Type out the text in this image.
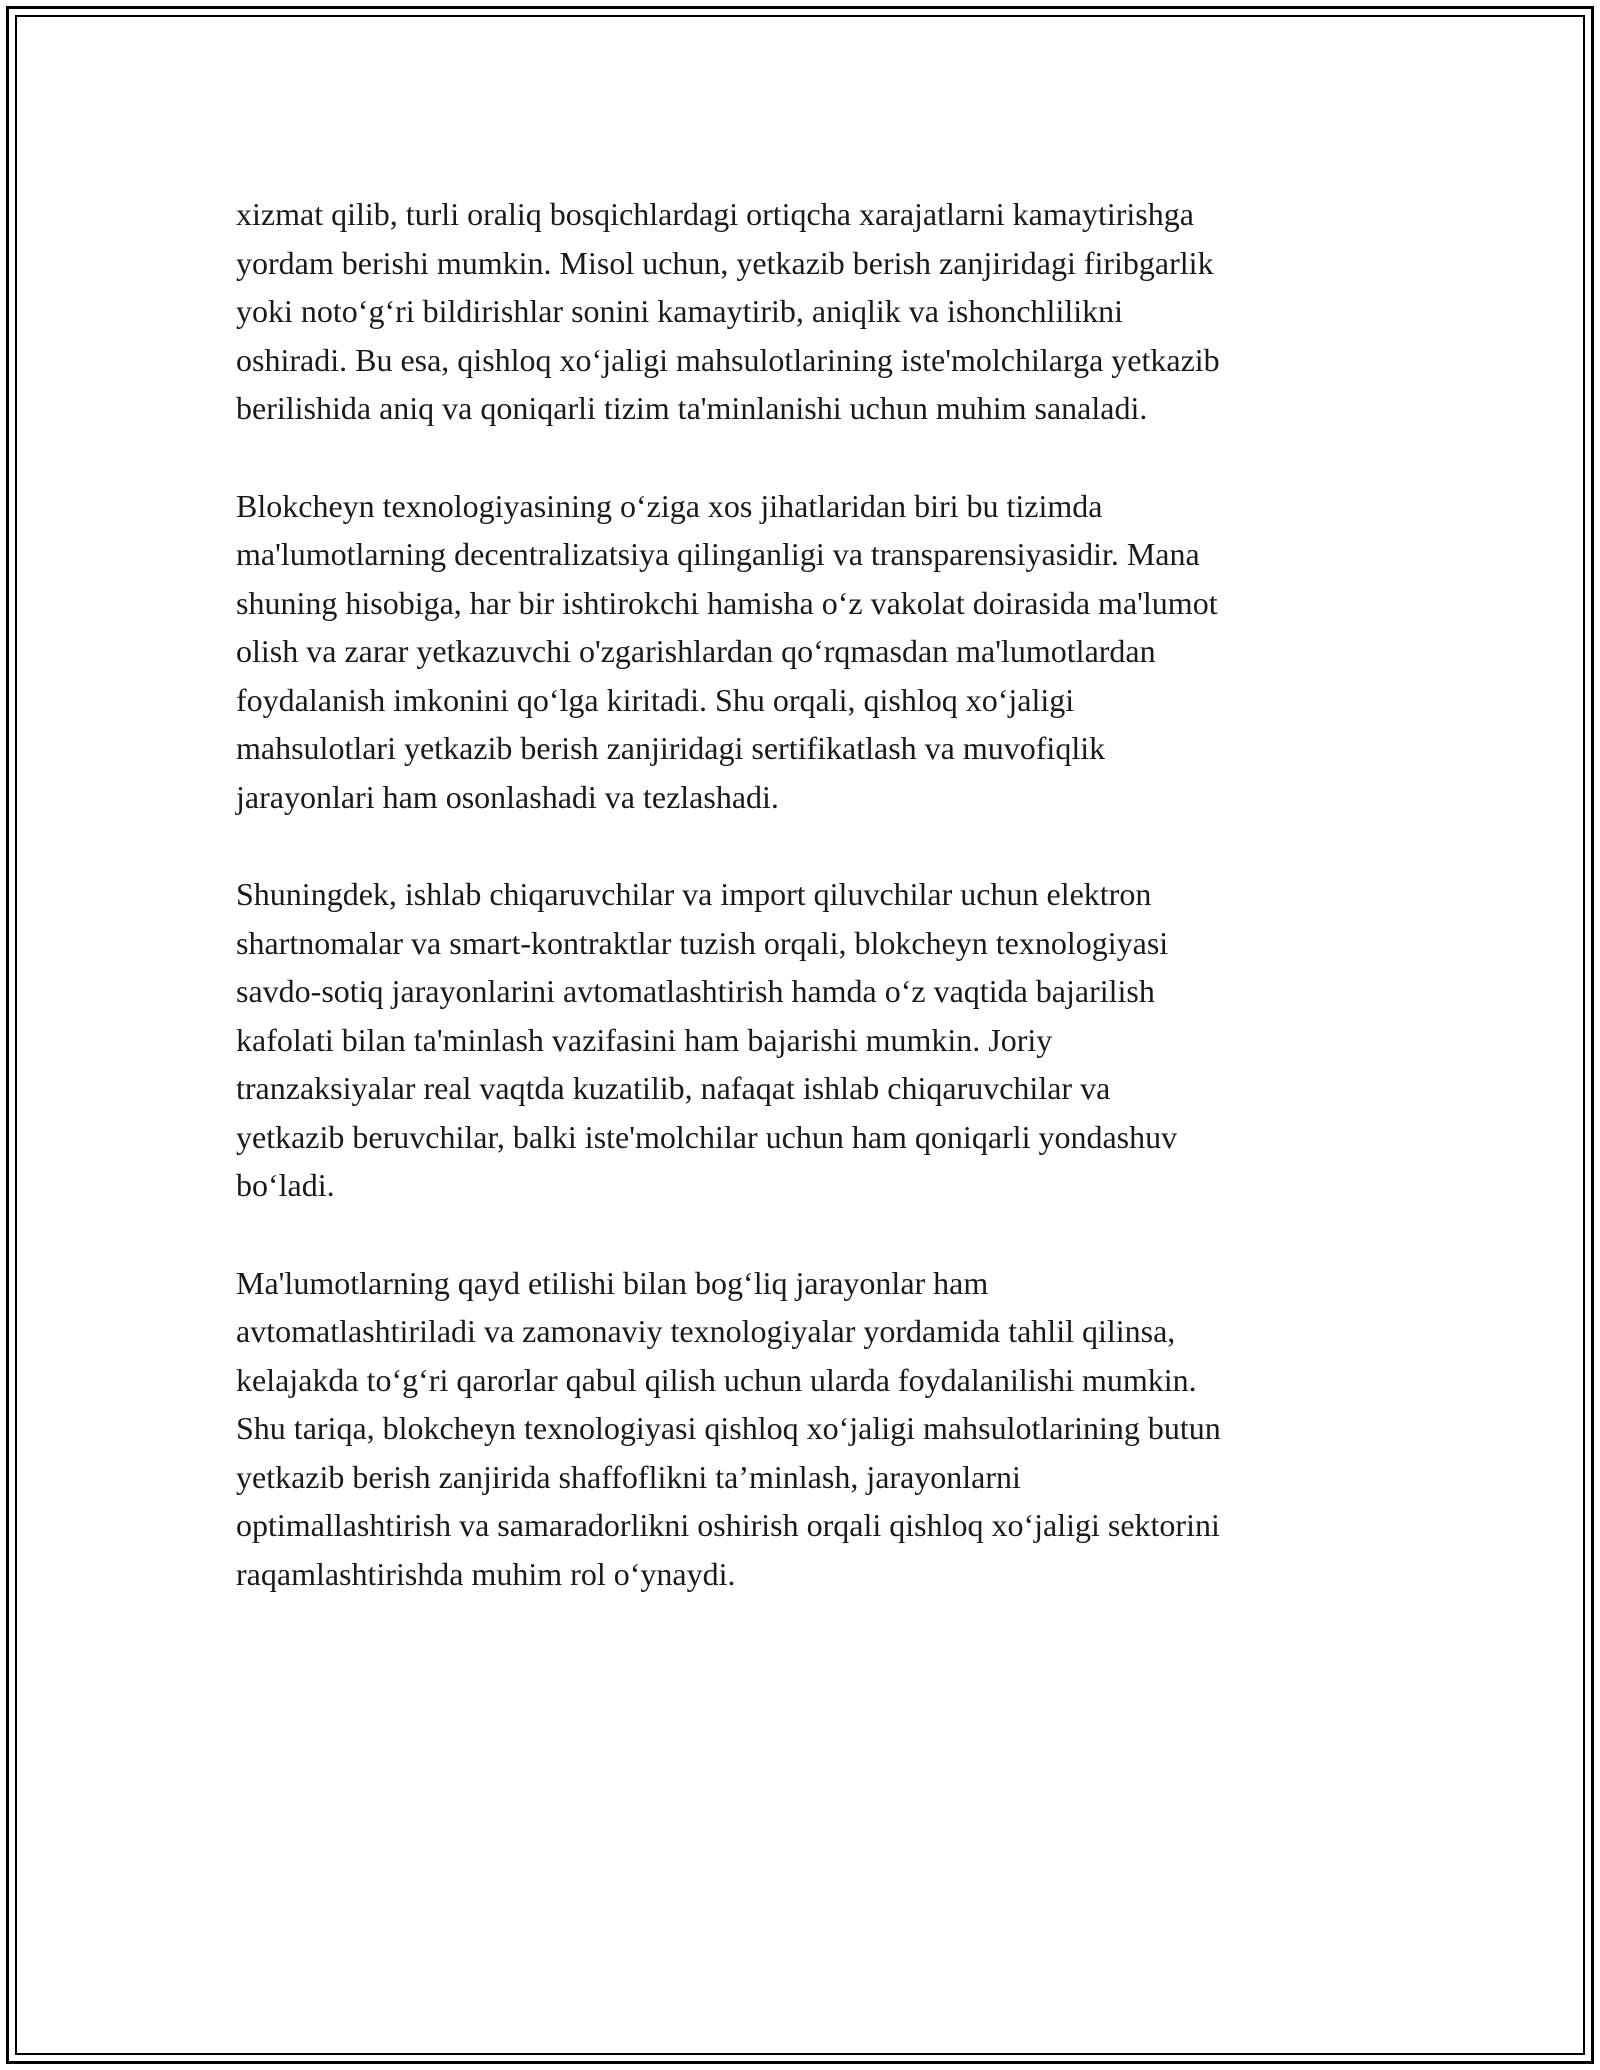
xizmat qilib, turli oraliq bosqichlardagi ortiqcha xarajatlarni kamaytirishga
yordam berishi mumkin. Misol uchun, yetkazib berish zanjiridagi firibgarlik
yoki noto‘g‘ri bildirishlar sonini kamaytirib, aniqlik va ishonchlilikni
oshiradi. Bu esa, qishloq xo‘jaligi mahsulotlarining iste'molchilarga yetkazib
berilishida aniq va qoniqarli tizim ta'minlanishi uchun muhim sanaladi.

Blokcheyn texnologiyasining o‘ziga xos jihatlaridan biri bu tizimda
ma'lumotlarning decentralizatsiya qilinganligi va transparensiyasidir. Mana
shuning hisobiga, har bir ishtirokchi hamisha o‘z vakolat doirasida ma'lumot
olish va zarar yetkazuvchi o'zgarishlardan qo‘rqmasdan ma'lumotlardan
foydalanish imkonini qo‘lga kiritadi. Shu orqali, qishloq xo‘jaligi
mahsulotlari yetkazib berish zanjiridagi sertifikatlash va muvofiqlik
jarayonlari ham osonlashadi va tezlashadi.

Shuningdek, ishlab chiqaruvchilar va import qiluvchilar uchun elektron
shartnomalar va smart-kontraktlar tuzish orqali, blokcheyn texnologiyasi
savdo-sotiq jarayonlarini avtomatlashtirish hamda o‘z vaqtida bajarilish
kafolati bilan ta'minlash vazifasini ham bajarishi mumkin. Joriy
tranzaksiyalar real vaqtda kuzatilib, nafaqat ishlab chiqaruvchilar va
yetkazib beruvchilar, balki iste'molchilar uchun ham qoniqarli yondashuv
bo‘ladi.

Ma'lumotlarning qayd etilishi bilan bog‘liq jarayonlar ham
avtomatlashtiriladi va zamonaviy texnologiyalar yordamida tahlil qilinsa,
kelajakda to‘g‘ri qarorlar qabul qilish uchun ularda foydalanilishi mumkin.
Shu tariqa, blokcheyn texnologiyasi qishloq xo‘jaligi mahsulotlarining butun
yetkazib berish zanjirida shaffoflikni ta’minlash, jarayonlarni
optimallashtirish va samaradorlikni oshirish orqali qishloq xo‘jaligi sektorini
raqamlashtirishda muhim rol o‘ynaydi.
